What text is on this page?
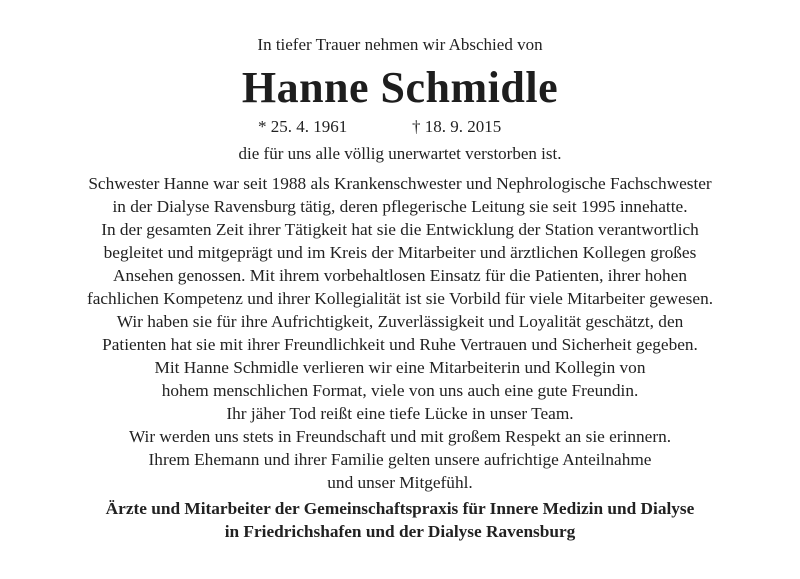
In tiefer Trauer nehmen wir Abschied von
Hanne Schmidle
* 25. 4. 1961	† 18. 9. 2015
die für uns alle völlig unerwartet verstorben ist.
Schwester Hanne war seit 1988 als Krankenschwester und Nephrologische Fachschwester
in der Dialyse Ravensburg tätig, deren pflegerische Leitung sie seit 1995 innehatte.
In der gesamten Zeit ihrer Tätigkeit hat sie die Entwicklung der Station verantwortlich
begleitet und mitgeprägt und im Kreis der Mitarbeiter und ärztlichen Kollegen großes
Ansehen genossen. Mit ihrem vorbehaltlosen Einsatz für die Patienten, ihrer hohen
fachlichen Kompetenz und ihrer Kollegialität ist sie Vorbild für viele Mitarbeiter gewesen.
Wir haben sie für ihre Aufrichtigkeit, Zuverlässigkeit und Loyalität geschätzt, den
Patienten hat sie mit ihrer Freundlichkeit und Ruhe Vertrauen und Sicherheit gegeben.
Mit Hanne Schmidle verlieren wir eine Mitarbeiterin und Kollegin von
hohem menschlichen Format, viele von uns auch eine gute Freundin.
Ihr jäher Tod reißt eine tiefe Lücke in unser Team.
Wir werden uns stets in Freundschaft und mit großem Respekt an sie erinnern.
Ihrem Ehemann und ihrer Familie gelten unsere aufrichtige Anteilnahme
und unser Mitgefühl.
Ärzte und Mitarbeiter der Gemeinschaftspraxis für Innere Medizin und Dialyse
in Friedrichshafen und der Dialyse Ravensburg
